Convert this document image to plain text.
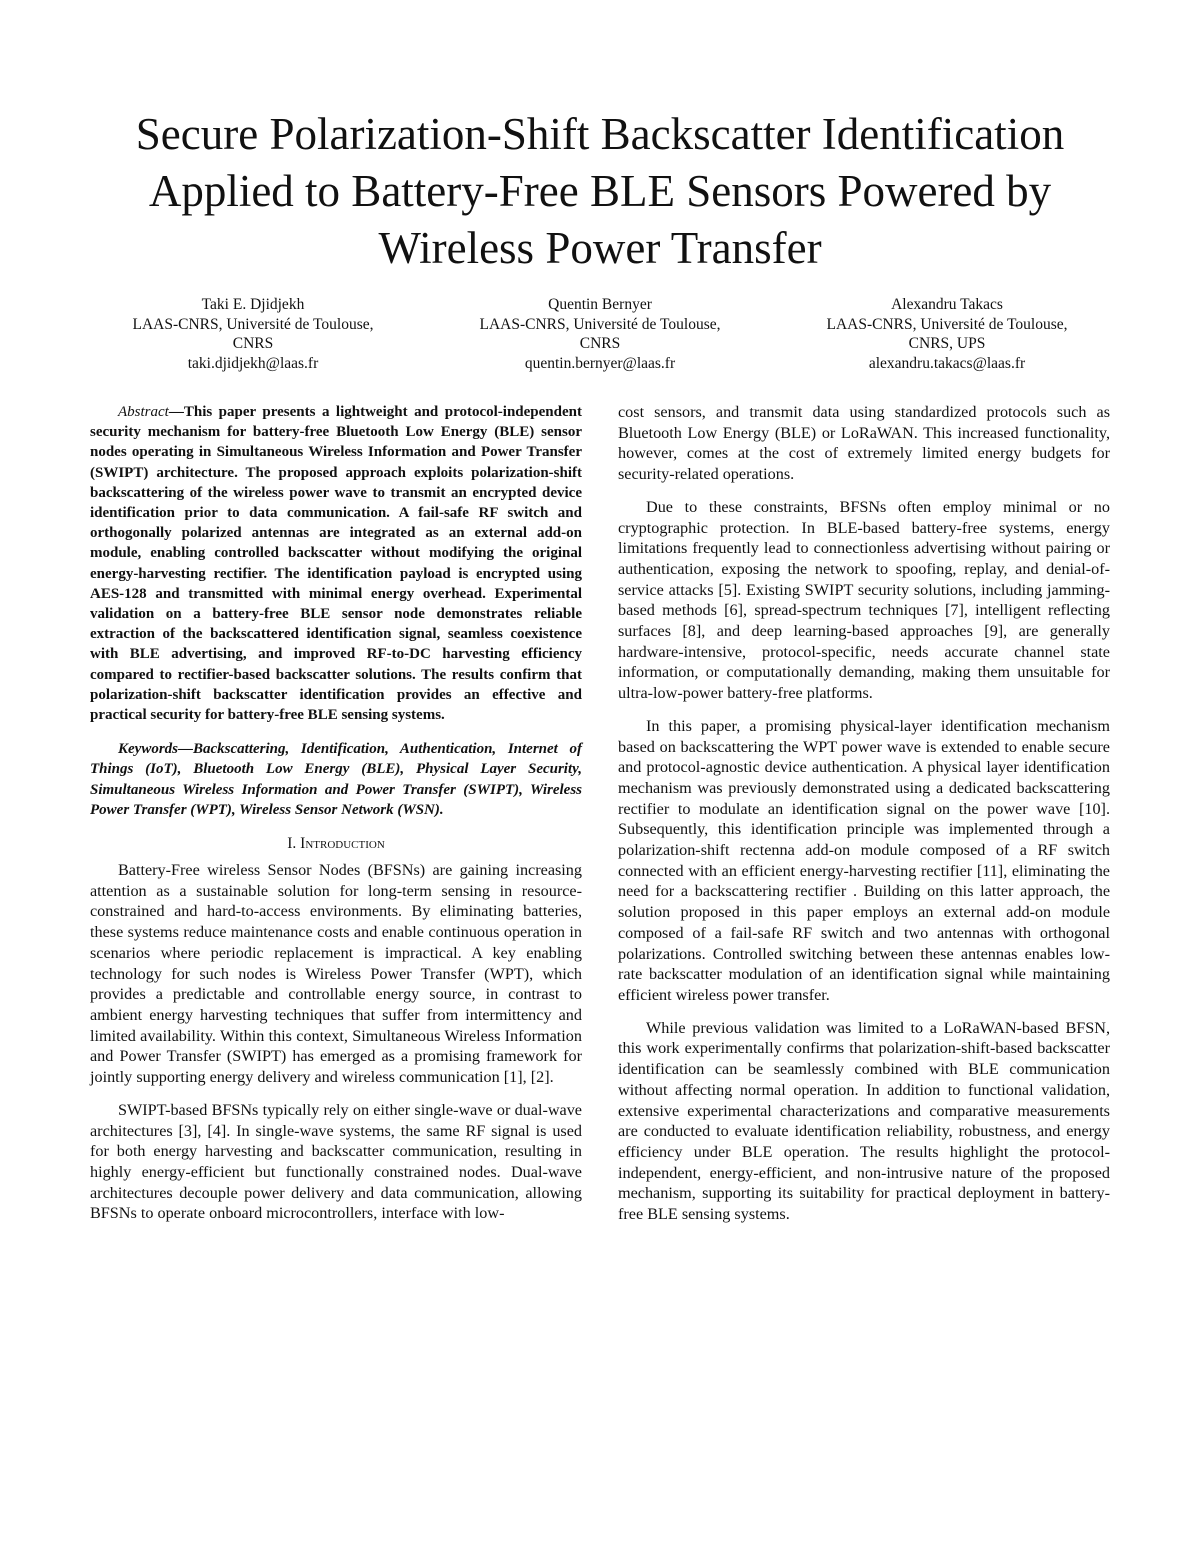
Secure Polarization-Shift Backscatter Identification
Applied to Battery-Free BLE Sensors Powered by
Wireless Power Transfer
Taki E. Djidjekh
LAAS-CNRS, Université de Toulouse,
CNRS
taki.djidjekh@laas.fr
Quentin Bernyer
LAAS-CNRS, Université de Toulouse,
CNRS
quentin.bernyer@laas.fr
Alexandru Takacs
LAAS-CNRS, Université de Toulouse,
CNRS, UPS
alexandru.takacs@laas.fr

Abstract—This paper presents a lightweight and protocol-independent security mechanism for battery-free Bluetooth Low Energy (BLE) sensor nodes operating in Simultaneous Wireless Information and Power Transfer (SWIPT) architecture. The proposed approach exploits polarization-shift backscattering of the wireless power wave to transmit an encrypted device identification prior to data communication. A fail-safe RF switch and orthogonally polarized antennas are integrated as an external add-on module, enabling controlled backscatter without modifying the original energy-harvesting rectifier. The identification payload is encrypted using AES-128 and transmitted with minimal energy overhead. Experimental validation on a battery-free BLE sensor node demonstrates reliable extraction of the backscattered identification signal, seamless coexistence with BLE advertising, and improved RF-to-DC harvesting efficiency compared to rectifier-based backscatter solutions. The results confirm that polarization-shift backscatter identification provides an effective and practical security for battery-free BLE sensing systems.

Keywords—Backscattering, Identification, Authentication, Internet of Things (IoT), Bluetooth Low Energy (BLE), Physical Layer Security, Simultaneous Wireless Information and Power Transfer (SWIPT), Wireless Power Transfer (WPT), Wireless Sensor Network (WSN).

I. Introduction

Battery-Free wireless Sensor Nodes (BFSNs) are gaining increasing attention as a sustainable solution for long-term sensing in resource-constrained and hard-to-access environments. By eliminating batteries, these systems reduce maintenance costs and enable continuous operation in scenarios where periodic replacement is impractical. A key enabling technology for such nodes is Wireless Power Transfer (WPT), which provides a predictable and controllable energy source, in contrast to ambient energy harvesting techniques that suffer from intermittency and limited availability. Within this context, Simultaneous Wireless Information and Power Transfer (SWIPT) has emerged as a promising framework for jointly supporting energy delivery and wireless communication [1], [2].

SWIPT-based BFSNs typically rely on either single-wave or dual-wave architectures [3], [4]. In single-wave systems, the same RF signal is used for both energy harvesting and backscatter communication, resulting in highly energy-efficient but functionally constrained nodes. Dual-wave architectures decouple power delivery and data communication, allowing BFSNs to operate onboard microcontrollers, interface with low-

cost sensors, and transmit data using standardized protocols such as Bluetooth Low Energy (BLE) or LoRaWAN. This increased functionality, however, comes at the cost of extremely limited energy budgets for security-related operations.

Due to these constraints, BFSNs often employ minimal or no cryptographic protection. In BLE-based battery-free systems, energy limitations frequently lead to connectionless advertising without pairing or authentication, exposing the network to spoofing, replay, and denial-of-service attacks [5]. Existing SWIPT security solutions, including jamming-based methods [6], spread-spectrum techniques [7], intelligent reflecting surfaces [8], and deep learning-based approaches [9], are generally hardware-intensive, protocol-specific, needs accurate channel state information, or computationally demanding, making them unsuitable for ultra-low-power battery-free platforms.

In this paper, a promising physical-layer identification mechanism based on backscattering the WPT power wave is extended to enable secure and protocol-agnostic device authentication. A physical layer identification mechanism was previously demonstrated using a dedicated backscattering rectifier to modulate an identification signal on the power wave [10]. Subsequently, this identification principle was implemented through a polarization-shift rectenna add-on module composed of a RF switch connected with an efficient energy-harvesting rectifier [11], eliminating the need for a backscattering rectifier . Building on this latter approach, the solution proposed in this paper employs an external add-on module composed of a fail-safe RF switch and two antennas with orthogonal polarizations. Controlled switching between these antennas enables low-rate backscatter modulation of an identification signal while maintaining efficient wireless power transfer.

While previous validation was limited to a LoRaWAN-based BFSN, this work experimentally confirms that polarization-shift-based backscatter identification can be seamlessly combined with BLE communication without affecting normal operation. In addition to functional validation, extensive experimental characterizations and comparative measurements are conducted to evaluate identification reliability, robustness, and energy efficiency under BLE operation. The results highlight the protocol-independent, energy-efficient, and non-intrusive nature of the proposed mechanism, supporting its suitability for practical deployment in battery-free BLE sensing systems.
